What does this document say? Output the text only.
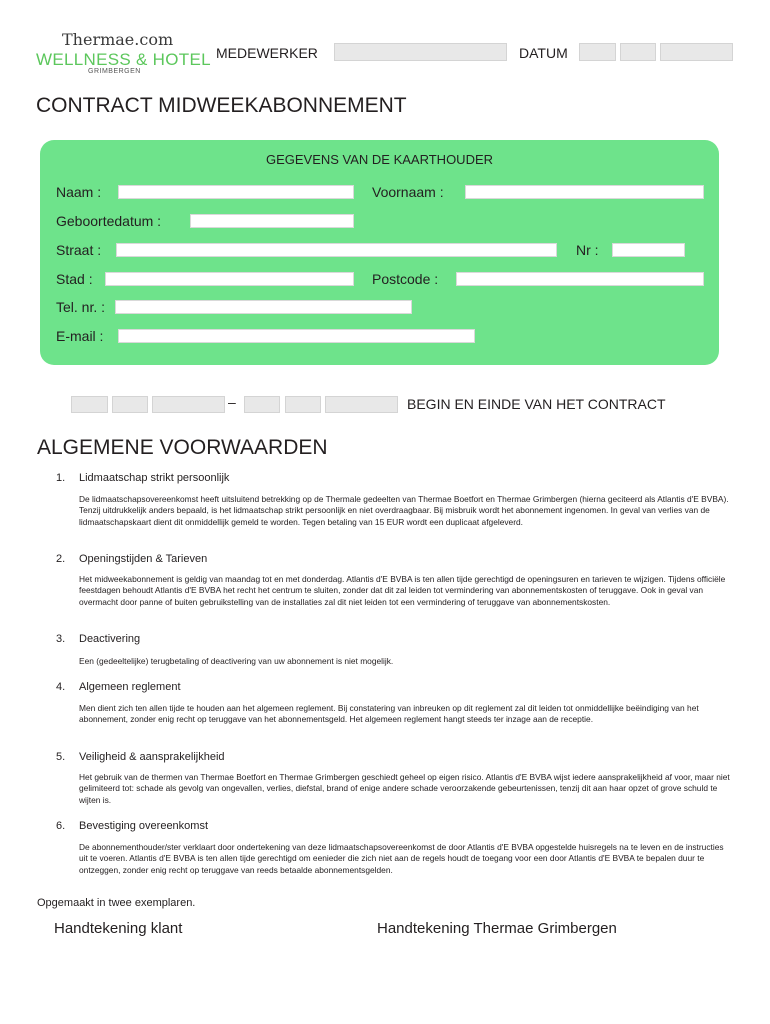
Thermae.com
WELLNESS & HOTEL
GRIMBERGEN
MEDEWERKER	DATUM
CONTRACT MIDWEEKABONNEMENT
GEGEVENS VAN DE KAARTHOUDER
Naam :	Voornaam :
Geboortedatum :
Straat :	Nr :
Stad :	Postcode :
Tel. nr. :
E-mail :
–	BEGIN EN EINDE VAN HET CONTRACT
ALGEMENE VOORWAARDEN
1. Lidmaatschap strikt persoonlijk
De lidmaatschapsovereenkomst heeft uitsluitend betrekking op de Thermale gedeelten van Thermae Boetfort en Thermae Grimbergen (hierna geciteerd als Atlantis d'E BVBA). Tenzij uitdrukkelijk anders bepaald, is het lidmaatschap strikt persoonlijk en niet overdraagbaar. Bij misbruik wordt het abonnement ingenomen. In geval van verlies van de lidmaatschapskaart dient dit onmiddellijk gemeld te worden. Tegen betaling van 15 EUR wordt een duplicaat afgeleverd.
2. Openingstijden & Tarieven
Het midweekabonnement is geldig van maandag tot en met donderdag. Atlantis d'E BVBA is ten allen tijde gerechtigd de openingsuren en tarieven te wijzigen. Tijdens officiële feestdagen behoudt Atlantis d'E BVBA het recht het centrum te sluiten, zonder dat dit zal leiden tot vermindering van abonnementskosten of teruggave. Ook in geval van overmacht door panne of buiten gebruikstelling van de installaties zal dit niet leiden tot een vermindering of teruggave van abonnementskosten.
3. Deactivering
Een (gedeeltelijke) terugbetaling of deactivering van uw abonnement is niet mogelijk.
4. Algemeen reglement
Men dient zich ten allen tijde te houden aan het algemeen reglement. Bij constatering van inbreuken op dit reglement zal dit leiden tot onmiddellijke beëindiging van het abonnement, zonder enig recht op teruggave van het abonnementsgeld. Het algemeen reglement hangt steeds ter inzage aan de receptie.
5. Veiligheid & aansprakelijkheid
Het gebruik van de thermen van Thermae Boetfort en Thermae Grimbergen geschiedt geheel op eigen risico. Atlantis d'E BVBA wijst iedere aansprakelijkheid af voor, maar niet gelimiteerd tot: schade als gevolg van ongevallen, verlies, diefstal, brand of enige andere schade veroorzakende gebeurtenissen, tenzij dit aan haar opzet of grove schuld te wijten is.
6. Bevestiging overeenkomst
De abonnementhouder/ster verklaart door ondertekening van deze lidmaatschapsovereenkomst de door Atlantis d'E BVBA opgestelde huisregels na te leven en de instructies uit te voeren. Atlantis d'E BVBA is ten allen tijde gerechtigd om eenieder die zich niet aan de regels houdt de toegang voor een door Atlantis d'E BVBA te bepalen duur te ontzeggen, zonder enig recht op teruggave van reeds betaalde abonnementsgelden.
Opgemaakt in twee exemplaren.
Handtekening klant	Handtekening Thermae Grimbergen
